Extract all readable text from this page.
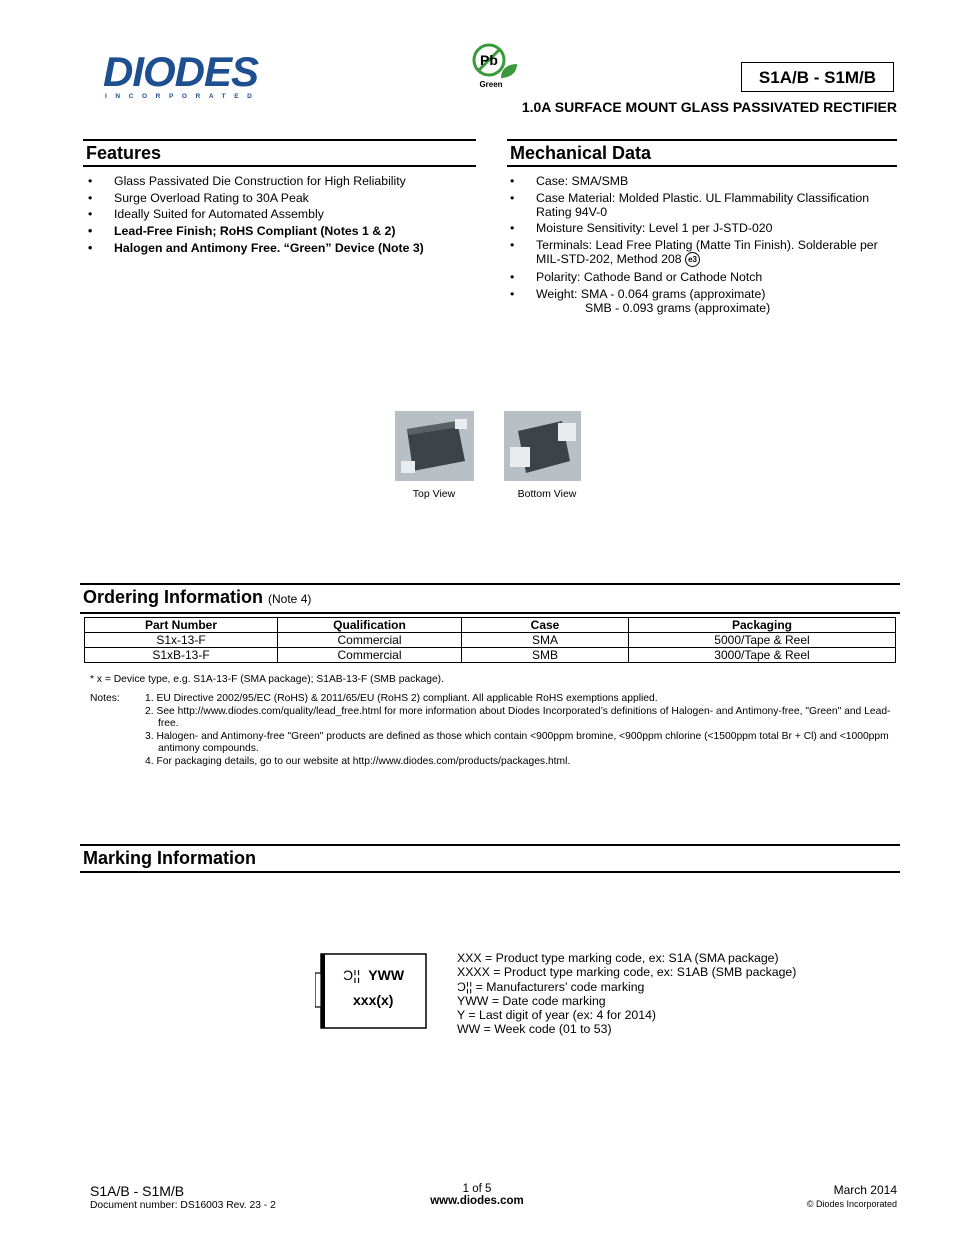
DIODES
INCORPORATED
Pb
Green	S1A/B - S1M/B
1.0A SURFACE MOUNT GLASS PASSIVATED RECTIFIER
Features
• Glass Passivated Die Construction for High Reliability
• Surge Overload Rating to 30A Peak
• Ideally Suited for Automated Assembly
• Lead-Free Finish; RoHS Compliant (Notes 1 & 2)
• Halogen and Antimony Free. “Green” Device (Note 3)
Mechanical Data
• Case: SMA/SMB
• Case Material: Molded Plastic. UL Flammability Classification Rating 94V-0
• Moisture Sensitivity: Level 1 per J-STD-020
• Terminals: Lead Free Plating (Matte Tin Finish). Solderable per MIL-STD-202, Method 208 e3
• Polarity: Cathode Band or Cathode Notch
• Weight: SMA - 0.064 grams (approximate)
SMB - 0.093 grams (approximate)
Top View	Bottom View
Ordering Information (Note 4)
Part Number	Qualification	Case	Packaging
S1x-13-F	Commercial	SMA	5000/Tape & Reel
S1xB-13-F	Commercial	SMB	3000/Tape & Reel
* x = Device type, e.g. S1A-13-F (SMA package); S1AB-13-F (SMB package).
Notes: 1. EU Directive 2002/95/EC (RoHS) & 2011/65/EU (RoHS 2) compliant. All applicable RoHS exemptions applied.
2. See http://www.diodes.com/quality/lead_free.html for more information about Diodes Incorporated’s definitions of Halogen- and Antimony-free, "Green" and Lead-free.
3. Halogen- and Antimony-free "Green" products are defined as those which contain <900ppm bromine, <900ppm chlorine (<1500ppm total Br + Cl) and <1000ppm antimony compounds.
4. For packaging details, go to our website at http://www.diodes.com/products/packages.html.
Marking Information
Ɔ¦¦ YWW
xxx(x)
XXX = Product type marking code, ex: S1A (SMA package)
XXXX = Product type marking code, ex: S1AB (SMB package)
Ɔ¦¦ = Manufacturers’ code marking
YWW = Date code marking
Y = Last digit of year (ex: 4 for 2014)
WW = Week code (01 to 53)
S1A/B - S1M/B
Document number: DS16003 Rev. 23 - 2
1 of 5
www.diodes.com
March 2014
© Diodes Incorporated
